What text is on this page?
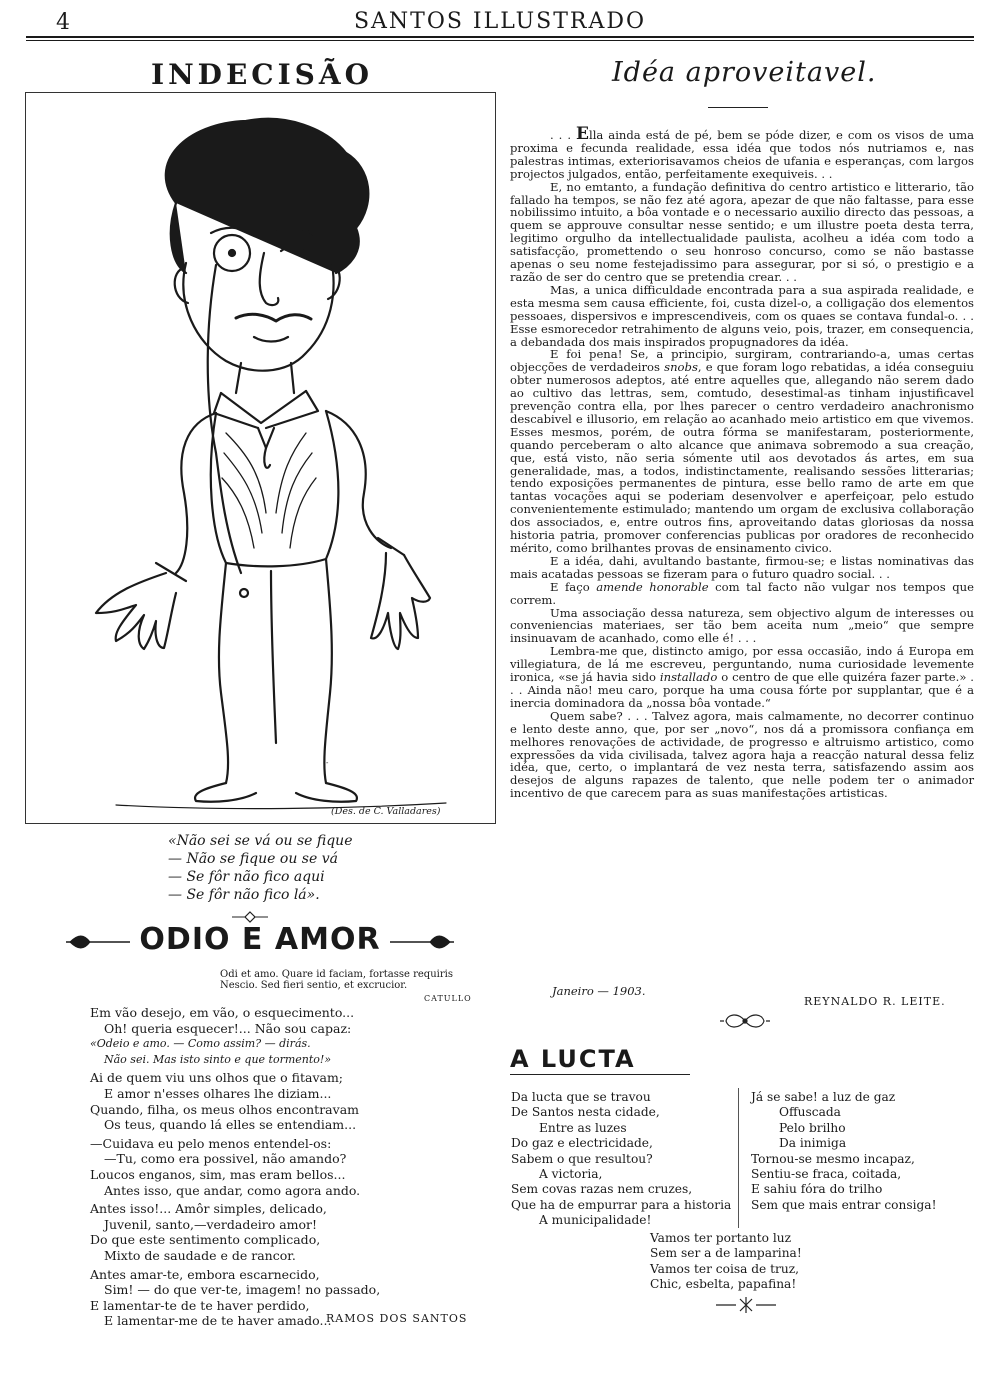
4	SANTOS ILLUSTRADO
INDECISÃO
-
(Des. de C. Valladares)
«Não sei se vá ou se fique
— Não se fique ou se vá
— Se fôr não fico aqui
— Se fôr não fico lá».
ODIO E AMOR
Odi et amo. Quare id faciam, fortasse requiris
Nescio. Sed fieri sentio, et excrucior.
CATULLO
Em vão desejo, em vão, o esquecimento...
Oh! queria esquecer!... Não sou capaz:
«Odeio e amo. — Como assim? — dirás.
Não sei. Mas isto sinto e que tormento!»
Ai de quem viu uns olhos que o fitavam;
E amor n'esses olhares lhe diziam...
Quando, filha, os meus olhos encontravam
Os teus, quando lá elles se entendiam...
—Cuidava eu pelo menos entendel-os:
—Tu, como era possivel, não amando?
Loucos enganos, sim, mas eram bellos...
Antes isso, que andar, como agora ando.
Antes isso!... Amôr simples, delicado,
Juvenil, santo,—verdadeiro amor!
Do que este sentimento complicado,
Mixto de saudade e de rancor.
Antes amar-te, embora escarnecido,
Sim! — do que ver-te, imagem! no passado,
E lamentar-te de te haver perdido,
E lamentar-me de te haver amado...
RAMOS DOS SANTOS
Idéa aproveitavel.

. . . Ella ainda está de pé, bem se póde dizer, e com os visos de uma proxima e fecunda realidade, essa idéa que todos nós nutriamos e, nas palestras intimas, exteriorisavamos cheios de ufania e esperanças, com largos projectos julgados, então, perfeitamente exequiveis. . .

E, no emtanto, a fundação definitiva do centro artistico e litterario, tão fallado ha tempos, se não fez até agora, apezar de que não faltasse, para esse nobilissimo intuito, a bôa vontade e o necessario auxilio directo das pessoas, a quem se approuve consultar nesse sentido; e um illustre poeta desta terra, legitimo orgulho da intellectualidade paulista, acolheu a idéa com todo a satisfacção, promettendo o seu honroso concurso, como se não bastasse apenas o seu nome festejadissimo para assegurar, por si só, o prestigio e a razão de ser do centro que se pretendia crear. . .

Mas, a unica difficuldade encontrada para a sua aspirada realidade, e esta mesma sem causa efficiente, foi, custa dizel-o, a colligação dos elementos pessoaes, dispersivos e imprescendiveis, com os quaes se contava fundal-o. . . Esse esmorecedor retrahimento de alguns veio, pois, trazer, em consequencia, a debandada dos mais inspirados propugnadores da idéa.

E foi pena! Se, a principio, surgiram, contrariando-a, umas certas objecções de verdadeiros snobs, e que foram logo rebatidas, a idéa conseguiu obter numerosos adeptos, até entre aquelles que, allegando não serem dado ao cultivo das lettras, sem, comtudo, desestimal-as tinham injustificavel prevenção contra ella, por lhes parecer o centro verdadeiro anachronismo descabivel e illusorio, em relação ao acanhado meio artistico em que vivemos. Esses mesmos, porém, de outra fórma se manifestaram, posteriormente, quando perceberam o alto alcance que animava sobremodo a sua creação, que, está visto, não seria sómente util aos devotados ás artes, em sua generalidade, mas, a todos, indistinctamente, realisando sessões litterarias; tendo exposições permanentes de pintura, esse bello ramo de arte em que tantas vocações aqui se poderiam desenvolver e aperfeiçoar, pelo estudo convenientemente estimulado; mantendo um orgam de exclusiva collaboração dos associados, e, entre outros fins, aproveitando datas gloriosas da nossa historia patria, promover conferencias publicas por oradores de reconhecido mérito, como brilhantes provas de ensinamento civico.

E a idéa, dahi, avultando bastante, firmou-se; e listas nominativas das mais acatadas pessoas se fizeram para o futuro quadro social. . .

E faço amende honorable com tal facto não vulgar nos tempos que correm.

Uma associação dessa natureza, sem objectivo algum de interesses ou conveniencias materiaes, ser tão bem aceita num „meio“ que sempre insinuavam de acanhado, como elle é! . . .

Lembra-me que, distincto amigo, por essa occasião, indo á Europa em villegiatura, de lá me escreveu, perguntando, numa curiosidade levemente ironica, «se já havia sido installado o centro de que elle quizéra fazer parte.» . . . Ainda não! meu caro, porque ha uma cousa fórte por supplantar, que é a inercia dominadora da „nossa bôa vontade.“

Quem sabe? . . . Talvez agora, mais calmamente, no decorrer continuo e lento deste anno, que, por ser „novo“, nos dá a promissora confiança em melhores renovações de actividade, de progresso e altruismo artistico, como expressões da vida civilisada, talvez agora haja a reacção natural dessa feliz idéa, que, certo, o implantará de vez nesta terra, satisfazendo assim aos desejos de alguns rapazes de talento, que nelle podem ter o animador incentivo de que carecem para as suas manifestações artisticas.

Janeiro — 1903.
REYNALDO R. LEITE.
A LUCTA
Da lucta que se travou
De Santos nesta cidade,
Entre as luzes
Do gaz e electricidade,
Sabem o que resultou?
A victoria,
Sem covas razas nem cruzes,
Que ha de empurrar para a historia
A municipalidade!
Já se sabe! a luz de gaz
Offuscada
Pelo brilho
Da inimiga
Tornou-se mesmo incapaz,
Sentiu-se fraca, coitada,
E sahiu fóra do trilho
Sem que mais entrar consiga!
Vamos ter portanto luz
Sem ser a de lamparina!
Vamos ter coisa de truz,
Chic, esbelta, papafina!
